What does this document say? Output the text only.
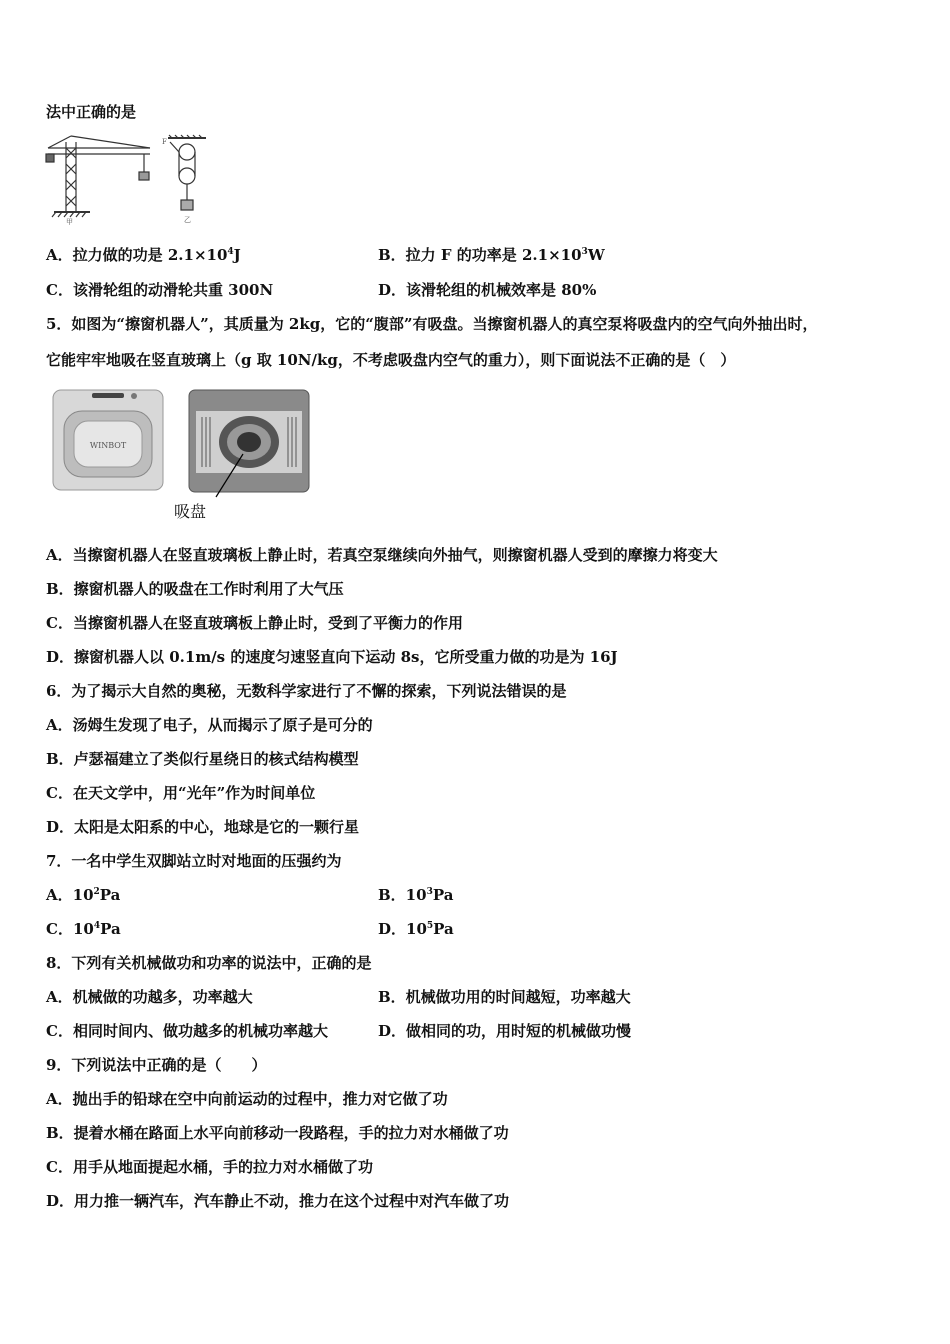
法中正确的是
甲
F
乙
A．拉力做的功是 $2.1\times 10^4J$	B．拉力 F 的功率是 $2.1\times 10^3W$
C．该滑轮组的动滑轮共重 300N	D．该滑轮组的机械效率是 80%
5．如图为“擦窗机器人”，其质量为 2kg，它的“腹部”有吸盘。当擦窗机器人的真空泵将吸盘内的空气向外抽出时，
它能牢牢地吸在竖直玻璃上（g 取 10N/kg，不考虑吸盘内空气的重力），则下面说法不正确的是（　）
WINBOT
吸盘
A．当擦窗机器人在竖直玻璃板上静止时，若真空泵继续向外抽气，则擦窗机器人受到的摩擦力将变大
B．擦窗机器人的吸盘在工作时利用了大气压
C．当擦窗机器人在竖直玻璃板上静止时，受到了平衡力的作用
D．擦窗机器人以 0.1m/s 的速度匀速竖直向下运动 8s，它所受重力做的功是为 16J
6．为了揭示大自然的奥秘，无数科学家进行了不懈的探索，下列说法错误的是
A．汤姆生发现了电子，从而揭示了原子是可分的
B．卢瑟福建立了类似行星绕日的核式结构模型
C．在天文学中，用“光年”作为时间单位
D．太阳是太阳系的中心，地球是它的一颗行星
7．一名中学生双脚站立时对地面的压强约为
A．$10^2Pa$	B．$10^3Pa$
C．$10^4Pa$	D．$10^5Pa$
8．下列有关机械做功和功率的说法中，正确的是
A．机械做的功越多，功率越大	B．机械做功用的时间越短，功率越大
C．相同时间内、做功越多的机械功率越大	D．做相同的功，用时短的机械做功慢
9．下列说法中正确的是（　　）
A．抛出手的铅球在空中向前运动的过程中，推力对它做了功
B．提着水桶在路面上水平向前移动一段路程，手的拉力对水桶做了功
C．用手从地面提起水桶，手的拉力对水桶做了功
D．用力推一辆汽车，汽车静止不动，推力在这个过程中对汽车做了功
